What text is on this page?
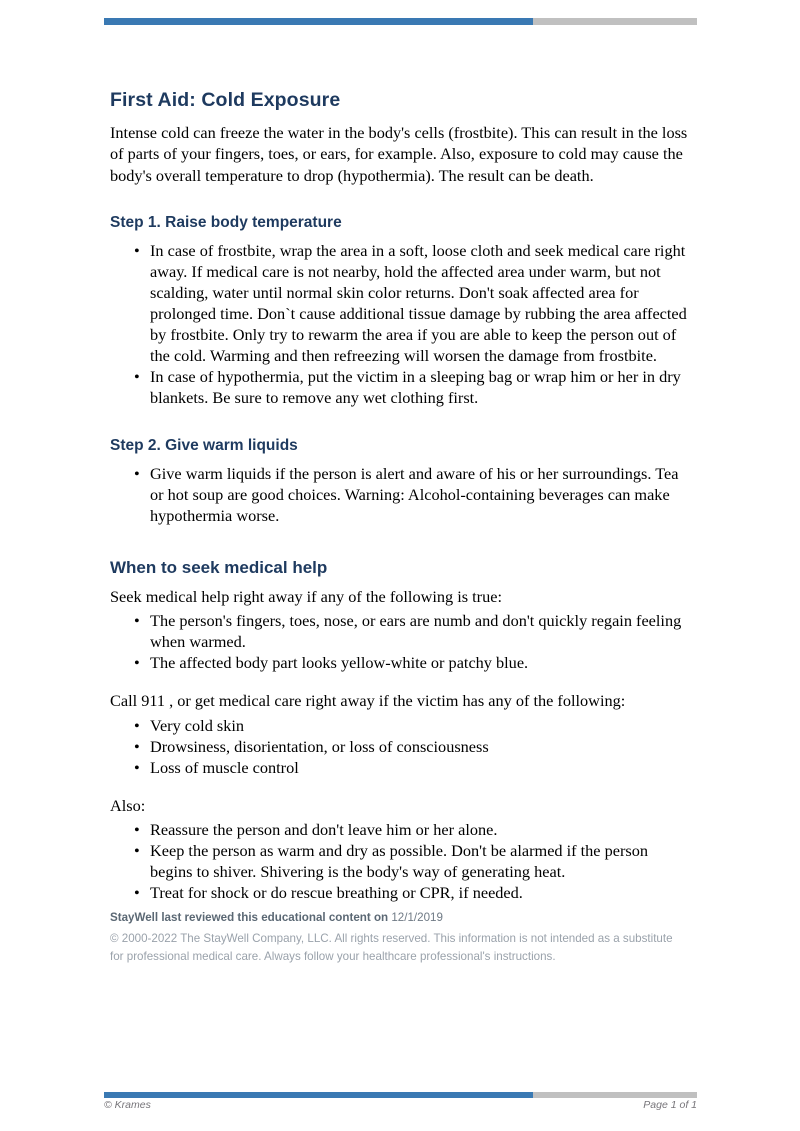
First Aid: Cold Exposure

Intense cold can freeze the water in the body's cells (frostbite). This can result in the loss of parts of your fingers, toes, or ears, for example. Also, exposure to cold may cause the body's overall temperature to drop (hypothermia). The result can be death.

Step 1. Raise body temperature
• In case of frostbite, wrap the area in a soft, loose cloth and seek medical care right away. If medical care is not nearby, hold the affected area under warm, but not scalding, water until normal skin color returns. Don't soak affected area for prolonged time. Don`t cause additional tissue damage by rubbing the area affected by frostbite. Only try to rewarm the area if you are able to keep the person out of the cold. Warming and then refreezing will worsen the damage from frostbite.
• In case of hypothermia, put the victim in a sleeping bag or wrap him or her in dry blankets. Be sure to remove any wet clothing first.
Step 2. Give warm liquids
• Give warm liquids if the person is alert and aware of his or her surroundings. Tea or hot soup are good choices. Warning: Alcohol-containing beverages can make hypothermia worse.
When to seek medical help

Seek medical help right away if any of the following is true:

• The person's fingers, toes, nose, or ears are numb and don't quickly regain feeling when warmed.
• The affected body part looks yellow-white or patchy blue.

Call 911 , or get medical care right away if the victim has any of the following:

• Very cold skin
• Drowsiness, disorientation, or loss of consciousness
• Loss of muscle control

Also:

• Reassure the person and don't leave him or her alone.
• Keep the person as warm and dry as possible. Don't be alarmed if the person begins to shiver. Shivering is the body's way of generating heat.
• Treat for shock or do rescue breathing or CPR, if needed.

StayWell last reviewed this educational content on 12/1/2019

© 2000-2022 The StayWell Company, LLC. All rights reserved. This information is not intended as a substitute for professional medical care. Always follow your healthcare professional's instructions.

© Krames	Page 1 of 1
